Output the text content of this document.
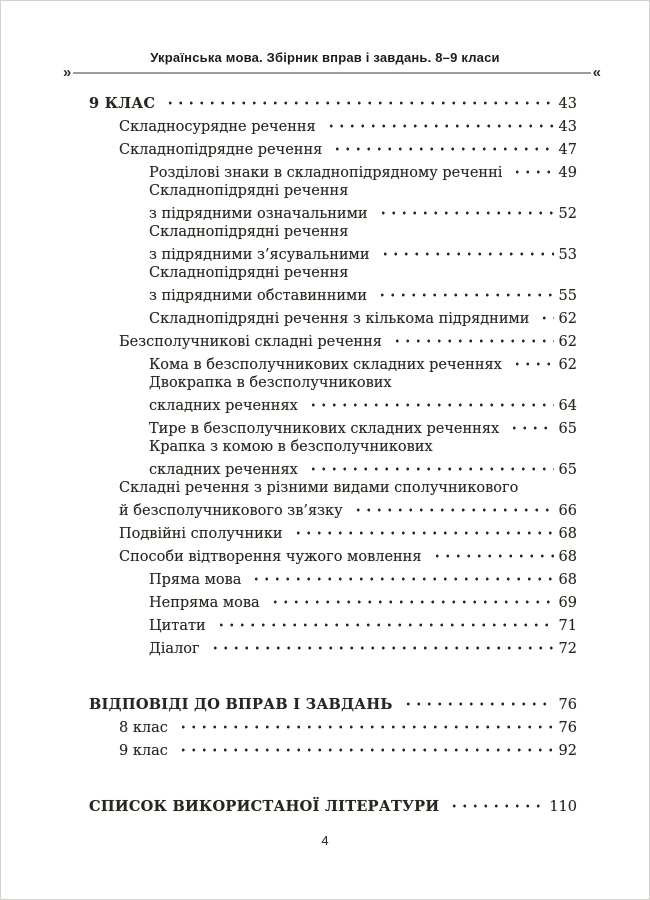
Українська мова. Збірник вправ і завдань. 8–9 класи
»	«
9 КЛАС	43
Складносурядне речення	43
Складнопідрядне речення	47
Розділові знаки в складнопідрядному реченні	49
Складнопідрядні речення
з підрядними означальними	52
Складнопідрядні речення
з підрядними з’ясувальними	53
Складнопідрядні речення
з підрядними обставинними	55
Складнопідрядні речення з кількома підрядними 62
Безсполучникові складні речення	62
Кома в безсполучникових складних реченнях	62
Двокрапка в безсполучникових
складних реченнях	64
Тире в безсполучникових складних реченнях	65
Крапка з комою в безсполучникових
складних реченнях	65
Складні речення з різними видами сполучникового
й безсполучникового зв’язку	66
Подвійні сполучники	68
Способи відтворення чужого мовлення	68
Пряма мова	68
Непряма мова	69
Цитати	71
Діалог	72
ВІДПОВІДІ ДО ВПРАВ І ЗАВДАНЬ	76
8 клас	76
9 клас	92
СПИСОК ВИКОРИСТАНОЇ ЛІТЕРАТУРИ	110
4
